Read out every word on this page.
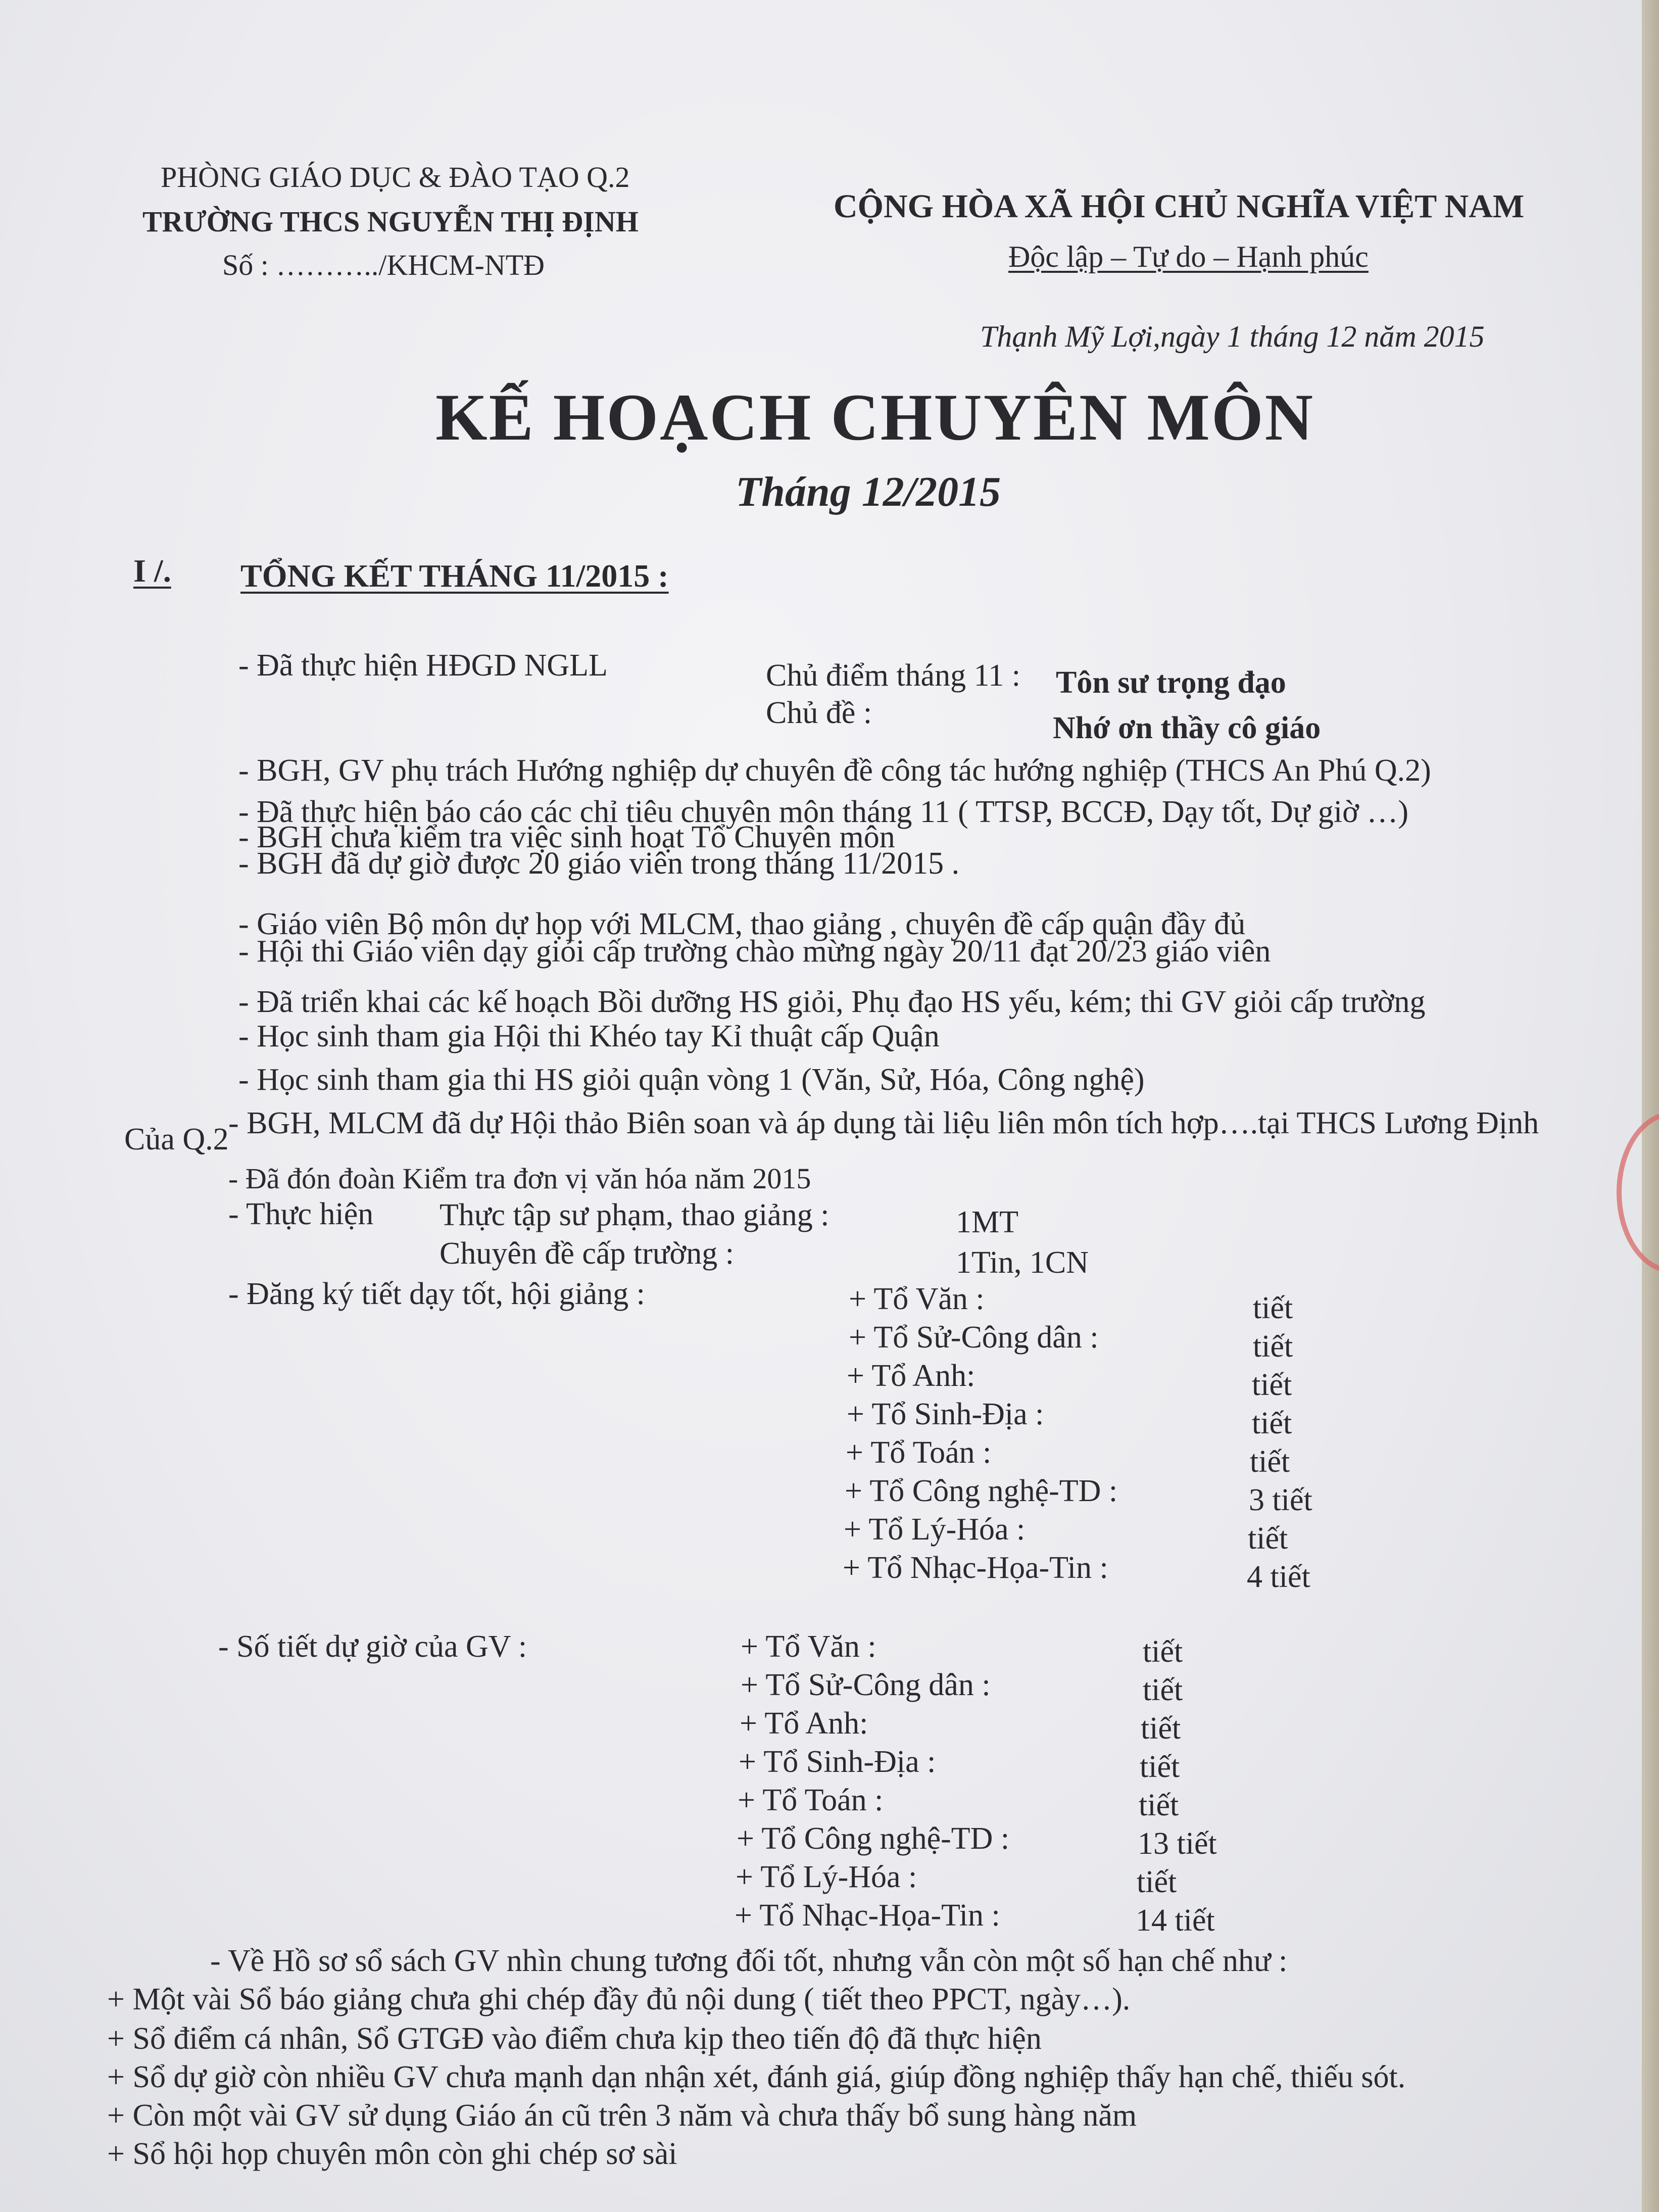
PHÒNG GIÁO DỤC & ĐÀO TẠO Q.2
TRƯỜNG THCS NGUYỄN THỊ ĐỊNH
Số : ………../KHCM-NTĐ
CỘNG HÒA XÃ HỘI CHỦ NGHĨA VIỆT NAM
Độc lập – Tự do – Hạnh phúc
Thạnh Mỹ Lợi,ngày 1 tháng 12 năm 2015
KẾ HOẠCH CHUYÊN MÔN
Tháng 12/2015
I /. TỔNG KẾT THÁNG 11/2015 :
- Đã thực hiện HĐGD NGLL	Chủ điểm tháng 11 : Tôn sư trọng đạo
Chủ đề :	Nhớ ơn thầy cô giáo
- BGH, GV phụ trách Hướng nghiệp dự chuyên đề công tác hướng nghiệp (THCS An Phú Q.2)
- Đã thực hiện báo cáo các chỉ tiêu chuyên môn tháng 11 ( TTSP, BCCĐ, Dạy tốt, Dự giờ …)
- BGH chưa kiểm tra việc sinh hoạt Tổ Chuyên môn
- BGH đã dự giờ được 20 giáo viên trong tháng 11/2015 .
- Giáo viên Bộ môn dự họp với MLCM, thao giảng , chuyên đề cấp quận đầy đủ
- Hội thi Giáo viên dạy giỏi cấp trường chào mừng ngày 20/11 đạt 20/23 giáo viên
- Đã triển khai các kế hoạch Bồi dưỡng HS giỏi, Phụ đạo HS yếu, kém; thi GV giỏi cấp trường
- Học sinh tham gia Hội thi Khéo tay Kỉ thuật cấp Quận
- Học sinh tham gia thi HS giỏi quận vòng 1 (Văn, Sử, Hóa, Công nghệ)
- BGH, MLCM đã dự Hội thảo Biên soan và áp dụng tài liệu liên môn tích hợp….tại THCS Lương Định
Của Q.2
- Đã đón đoàn Kiểm tra đơn vị văn hóa năm 2015
- Thực hiện Thực tập sư phạm, thao giảng :	1MT
Chuyên đề cấp trường :	1Tin, 1CN
- Đăng ký tiết dạy tốt, hội giảng :	+ Tổ Văn :	tiết
+ Tổ Sử-Công dân :	tiết
+ Tổ Anh:	tiết
+ Tổ Sinh-Địa :	tiết
+ Tổ Toán :	tiết
+ Tổ Công nghệ-TD :	3 tiết
+ Tổ Lý-Hóa :	tiết
+ Tổ Nhạc-Họa-Tin :	4 tiết
- Số tiết dự giờ của GV :	+ Tổ Văn :	tiết
+ Tổ Sử-Công dân :	tiết
+ Tổ Anh:	tiết
+ Tổ Sinh-Địa :	tiết
+ Tổ Toán :	tiết
+ Tổ Công nghệ-TD :	13 tiết
+ Tổ Lý-Hóa :	tiết
+ Tổ Nhạc-Họa-Tin :	14 tiết
- Về Hồ sơ sổ sách GV nhìn chung tương đối tốt, nhưng vẫn còn một số hạn chế như :
+ Một vài Sổ báo giảng chưa ghi chép đầy đủ nội dung ( tiết theo PPCT, ngày…).
+ Sổ điểm cá nhân, Sổ GTGĐ vào điểm chưa kịp theo tiến độ đã thực hiện
+ Sổ dự giờ còn nhiều GV chưa mạnh dạn nhận xét, đánh giá, giúp đồng nghiệp thấy hạn chế, thiếu sót.
+ Còn một vài GV sử dụng Giáo án cũ trên 3 năm và chưa thấy bổ sung hàng năm
+ Sổ hội họp chuyên môn còn ghi chép sơ sài
